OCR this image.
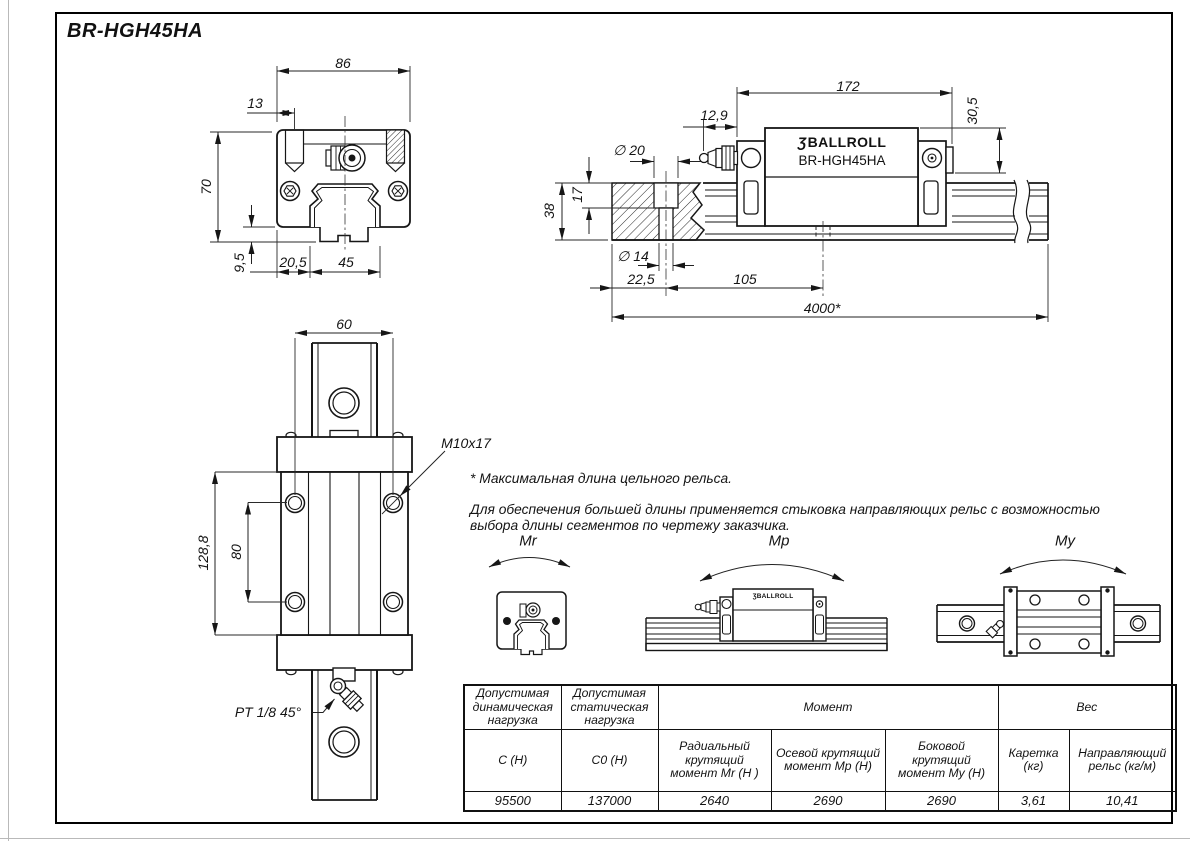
BR-HGH45HA
86
13
70
9,5 20,5 45
172
12,9	30,5
∅ 20
17
38
∅ 14
22,5	105
4000*
60
128,8 80
M10x17
PT 1/8 45°
Mr	Mp	My
ƷBALLROLL
BR-HGH45HA
ƷBALLROLL
* Максимальная длина цельного рельса.
Для обеспечения большей длины применяется стыковка направляющих рельс с возможностью
выбора длины сегментов по чертежу заказчика.
Допустимая динамическая нагрузка	Допустимая статическая нагрузка	Момент			Вес	
C (Н)	C0 (Н)	Радиальный крутящий момент Mr (Н )	Осевой крутящий момент Mp (Н)	Боковой крутящий момент My (Н)	Каретка (кг)	Направляющий рельс (кг/м)
95500	137000	2640	2690	2690	3,61	10,41
